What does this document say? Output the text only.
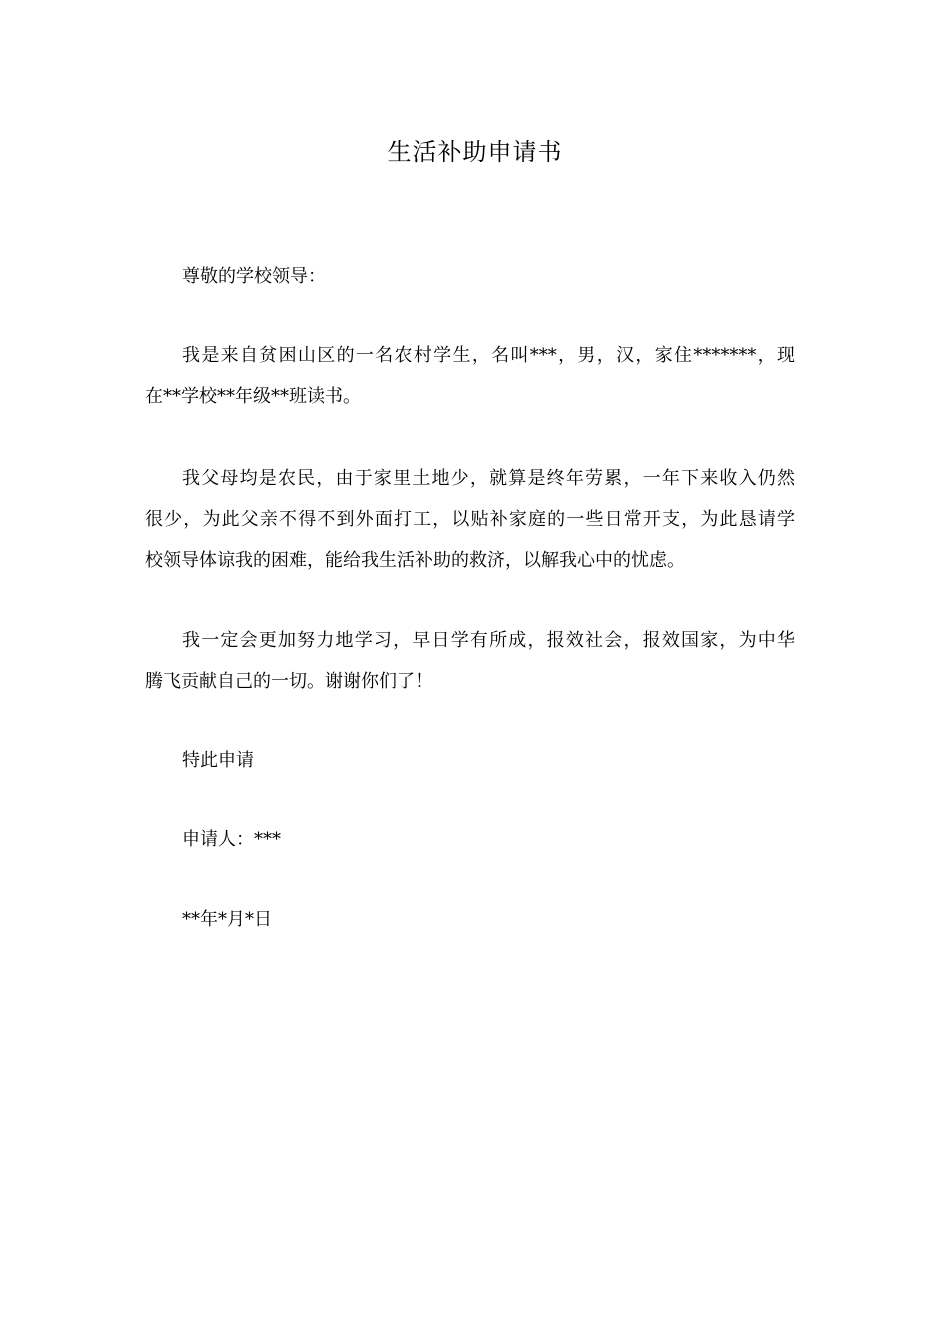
生活补助申请书
尊敬的学校领导：
我是来自贫困山区的一名农村学生，名叫***，男，汉，家住*******，现
在**学校**年级**班读书。
我父母均是农民，由于家里土地少，就算是终年劳累，一年下来收入仍然
很少，为此父亲不得不到外面打工，以贴补家庭的一些日常开支，为此恳请学
校领导体谅我的困难，能给我生活补助的救济，以解我心中的忧虑。
我一定会更加努力地学习，早日学有所成，报效社会，报效国家，为中华
腾飞贡献自己的一切。谢谢你们了！
特此申请
申请人：***
**年*月*日
